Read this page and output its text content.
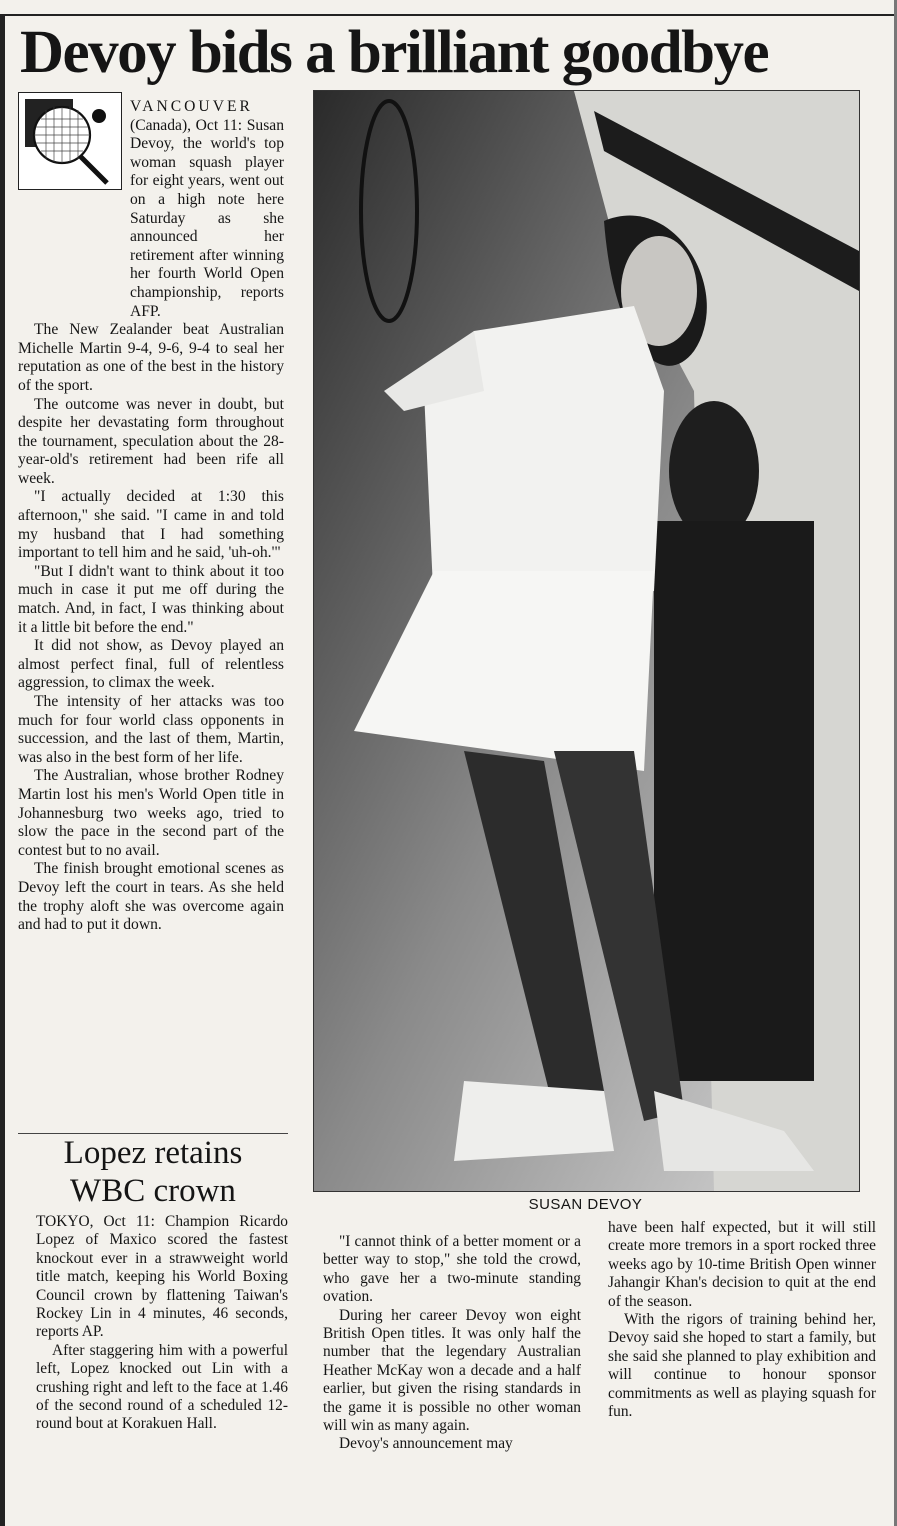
Devoy bids a brilliant goodbye

VANCOUVER

(Canada), Oct 11: Susan Devoy, the world's top woman squash player for eight years, went out on a high note here Saturday as she announced her retirement after winning her fourth World Open championship, reports AFP.

The New Zealander beat Australian Michelle Martin 9-4, 9-6, 9-4 to seal her reputation as one of the best in the history of the sport.

The outcome was never in doubt, but despite her devastating form throughout the tournament, speculation about the 28-year-old's retirement had been rife all week.

"I actually decided at 1:30 this afternoon," she said. "I came in and told my husband that I had something important to tell him and he said, 'uh-oh.'"

"But I didn't want to think about it too much in case it put me off during the match. And, in fact, I was thinking about it a little bit before the end."

It did not show, as Devoy played an almost perfect final, full of relentless aggression, to climax the week.

The intensity of her attacks was too much for four world class opponents in succession, and the last of them, Martin, was also in the best form of her life.

The Australian, whose brother Rodney Martin lost his men's World Open title in Johannesburg two weeks ago, tried to slow the pace in the second part of the contest but to no avail.

The finish brought emotional scenes as Devoy left the court in tears. As she held the trophy aloft she was overcome again and had to put it down.

SUSAN DEVOY
Lopez retains
WBC crown

TOKYO, Oct 11: Champion Ricardo Lopez of Maxico scored the fastest knockout ever in a strawweight world title match, keeping his World Boxing Council crown by flattening Taiwan's Rockey Lin in 4 minutes, 46 seconds, reports AP.

After staggering him with a powerful left, Lopez knocked out Lin with a crushing right and left to the face at 1.46 of the second round of a scheduled 12-round bout at Korakuen Hall.

"I cannot think of a better moment or a better way to stop," she told the crowd, who gave her a two-minute standing ovation.

During her career Devoy won eight British Open titles. It was only half the number that the legendary Australian Heather McKay won a decade and a half earlier, but given the rising standards in the game it is possible no other woman will win as many again.

Devoy's announcement may

have been half expected, but it will still create more tremors in a sport rocked three weeks ago by 10-time British Open winner Jahangir Khan's decision to quit at the end of the season.

With the rigors of training behind her, Devoy said she hoped to start a family, but she said she planned to play exhibition and will continue to honour sponsor commitments as well as playing squash for fun.
